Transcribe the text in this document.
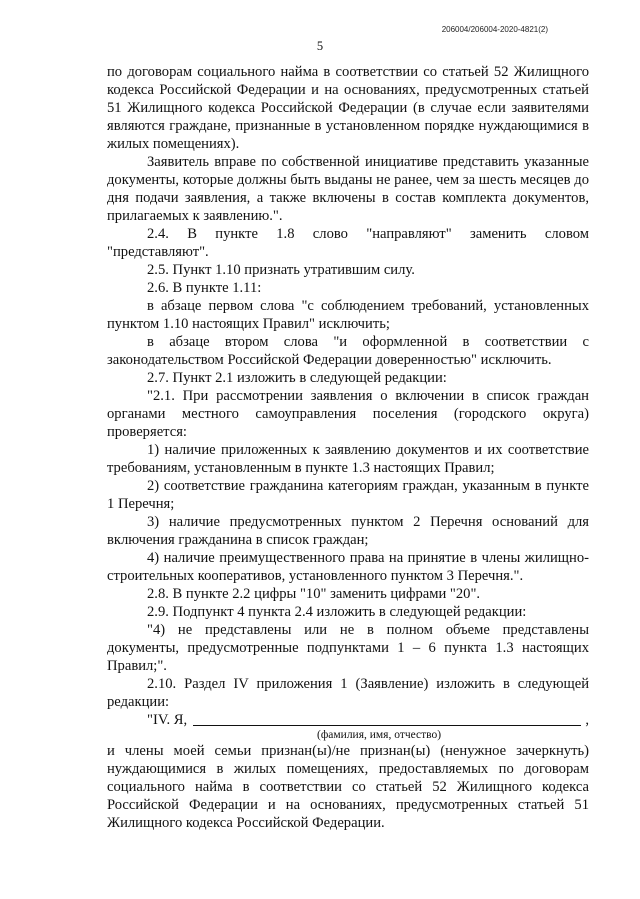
206004/206004-2020-4821(2)
5

по договорам социального найма в соответствии со статьей 52 Жилищного кодекса Российской Федерации и на основаниях, предусмотренных статьей 51 Жилищного кодекса Российской Федерации (в случае если заявителями являются граждане, признанные в установленном порядке нуждающимися в жилых помещениях).

Заявитель вправе по собственной инициативе представить указанные документы, которые должны быть выданы не ранее, чем за шесть месяцев до дня подачи заявления, а также включены в состав комплекта документов, прилагаемых к заявлению.".

2.4. В пункте 1.8 слово "направляют" заменить словом "представляют".

2.5. Пункт 1.10 признать утратившим силу.

2.6. В пункте 1.11:

в абзаце первом слова "с соблюдением требований, установленных пунктом 1.10 настоящих Правил" исключить;

в абзаце втором слова "и оформленной в соответствии с законодательством Российской Федерации доверенностью" исключить.

2.7. Пункт 2.1 изложить в следующей редакции:

"2.1. При рассмотрении заявления о включении в список граждан органами местного самоуправления поселения (городского округа) проверяется:

1) наличие приложенных к заявлению документов и их соответствие требованиям, установленным в пункте 1.3 настоящих Правил;

2) соответствие гражданина категориям граждан, указанным в пункте 1 Перечня;

3) наличие предусмотренных пунктом 2 Перечня оснований для включения гражданина в список граждан;

4) наличие преимущественного права на принятие в члены жилищно-строительных кооперативов, установленного пунктом 3 Перечня.".

2.8. В пункте 2.2 цифры "10" заменить цифрами "20".

2.9. Подпункт 4 пункта 2.4 изложить в следующей редакции:

"4) не представлены или не в полном объеме представлены документы, предусмотренные подпунктами 1 – 6 пункта 1.3 настоящих Правил;".

2.10. Раздел IV приложения 1 (Заявление) изложить в следующей редакции:

"IV. Я,	,

(фамилия, имя, отчество)

и члены моей семьи признан(ы)/не признан(ы) (ненужное зачеркнуть) нуждающимися в жилых помещениях, предоставляемых по договорам социального найма в соответствии со статьей 52 Жилищного кодекса Российской Федерации и на основаниях, предусмотренных статьей 51 Жилищного кодекса Российской Федерации.
